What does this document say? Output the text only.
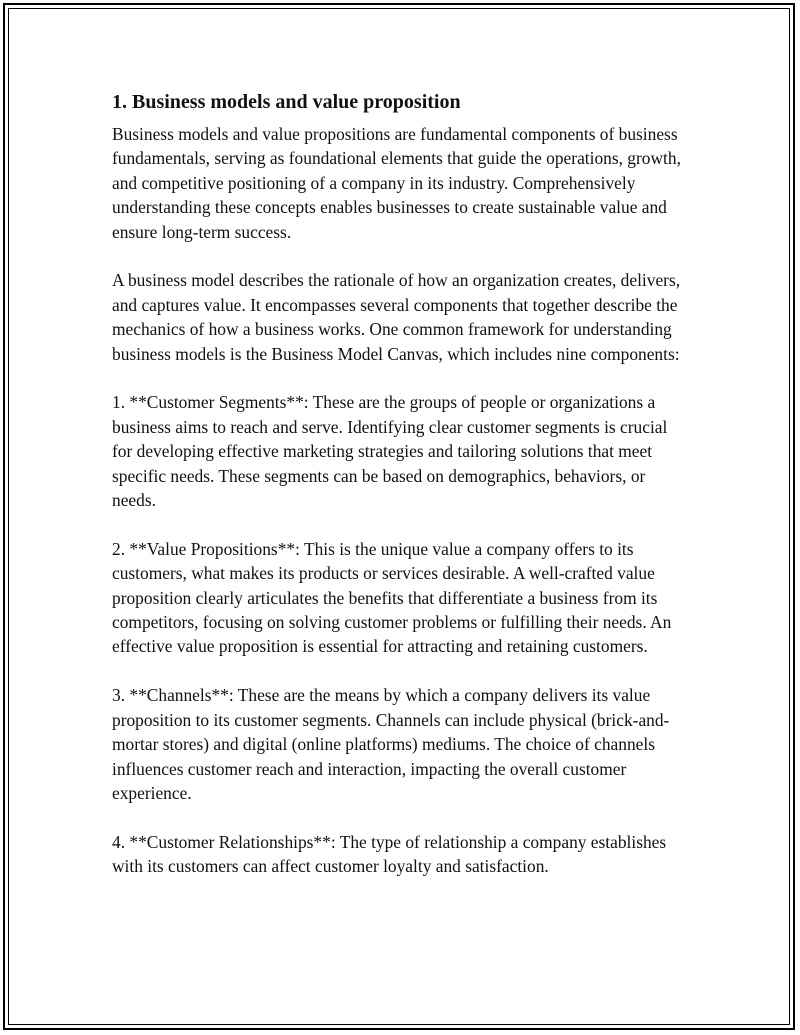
1. Business models and value proposition

Business models and value propositions are fundamental components of business fundamentals, serving as foundational elements that guide the operations, growth, and competitive positioning of a company in its industry. Comprehensively understanding these concepts enables businesses to create sustainable value and ensure long-term success.

A business model describes the rationale of how an organization creates, delivers, and captures value. It encompasses several components that together describe the mechanics of how a business works. One common framework for understanding business models is the Business Model Canvas, which includes nine components:

1. **Customer Segments**: These are the groups of people or organizations a business aims to reach and serve. Identifying clear customer segments is crucial for developing effective marketing strategies and tailoring solutions that meet specific needs. These segments can be based on demographics, behaviors, or needs.

2. **Value Propositions**: This is the unique value a company offers to its customers, what makes its products or services desirable. A well-crafted value proposition clearly articulates the benefits that differentiate a business from its competitors, focusing on solving customer problems or fulfilling their needs. An effective value proposition is essential for attracting and retaining customers.

3. **Channels**: These are the means by which a company delivers its value proposition to its customer segments. Channels can include physical (brick-and-mortar stores) and digital (online platforms) mediums. The choice of channels influences customer reach and interaction, impacting the overall customer experience.

4. **Customer Relationships**: The type of relationship a company establishes with its customers can affect customer loyalty and satisfaction.
